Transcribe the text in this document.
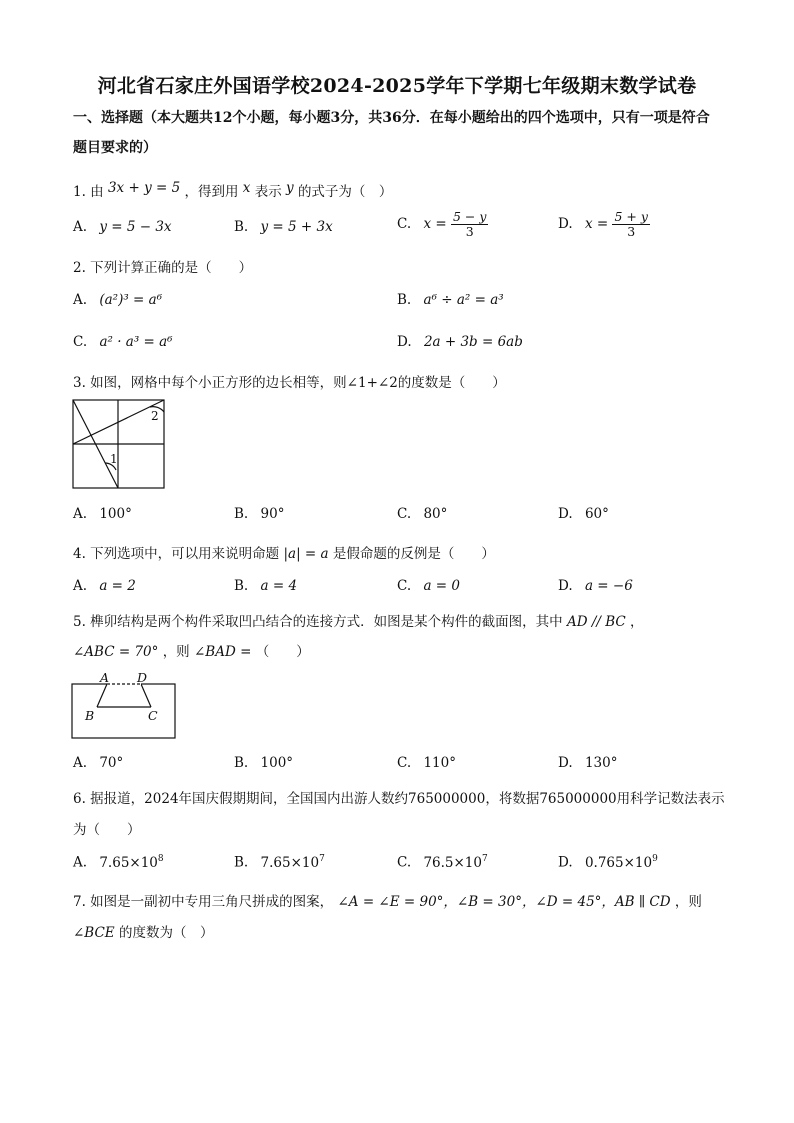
河北省石家庄外国语学校2024-2025学年下学期七年级期末数学试卷
一、选择题（本大题共12个小题，每小题3分，共36分．在每小题给出的四个选项中，只有一项是符合题目要求的）
1. 由 3x + y = 5 ，得到用 x 表示 y 的式子为（　）
A. y = 5 − 3x	B. y = 5 + 3x	C. $x = \frac{5 - y}{3}$	D. $x = \frac{5 + y}{3}$
2. 下列计算正确的是（　　）
A. (a²)³ = a⁶	B. a⁶ ÷ a² = a³
C. a² · a³ = a⁶	D. 2a + 3b = 6ab
3. 如图，网格中每个小正方形的边长相等，则∠1+∠2的度数是（　　）
1
2
A. 100°	B. 90°	C. 80°	D. 60°
4. 下列选项中，可以用来说明命题 |a| = a 是假命题的反例是（　　）
A. a = 2	B. a = 4	C. a = 0	D. a = −6
5. 榫卯结构是两个构件采取凹凸结合的连接方式．如图是某个构件的截面图，其中 AD // BC ，
∠ABC = 70° ，则 ∠BAD = （　　）
A D
B	C
A. 70°	B. 100°	C. 110°	D. 130°
6. 据报道，2024年国庆假期期间，全国国内出游人数约765000000，将数据765000000用科学记数法表示
为（　　）
A. $7.65\times 10^8$	B. $7.65\times 10^7$	C. $76.5\times 10^7$	D. $0.765\times 10^9$
7. 如图是一副初中专用三角尺拼成的图案， ∠A = ∠E = 90°，∠B = 30°，∠D = 45°，AB ∥ CD ，则
∠BCE 的度数为（　）
